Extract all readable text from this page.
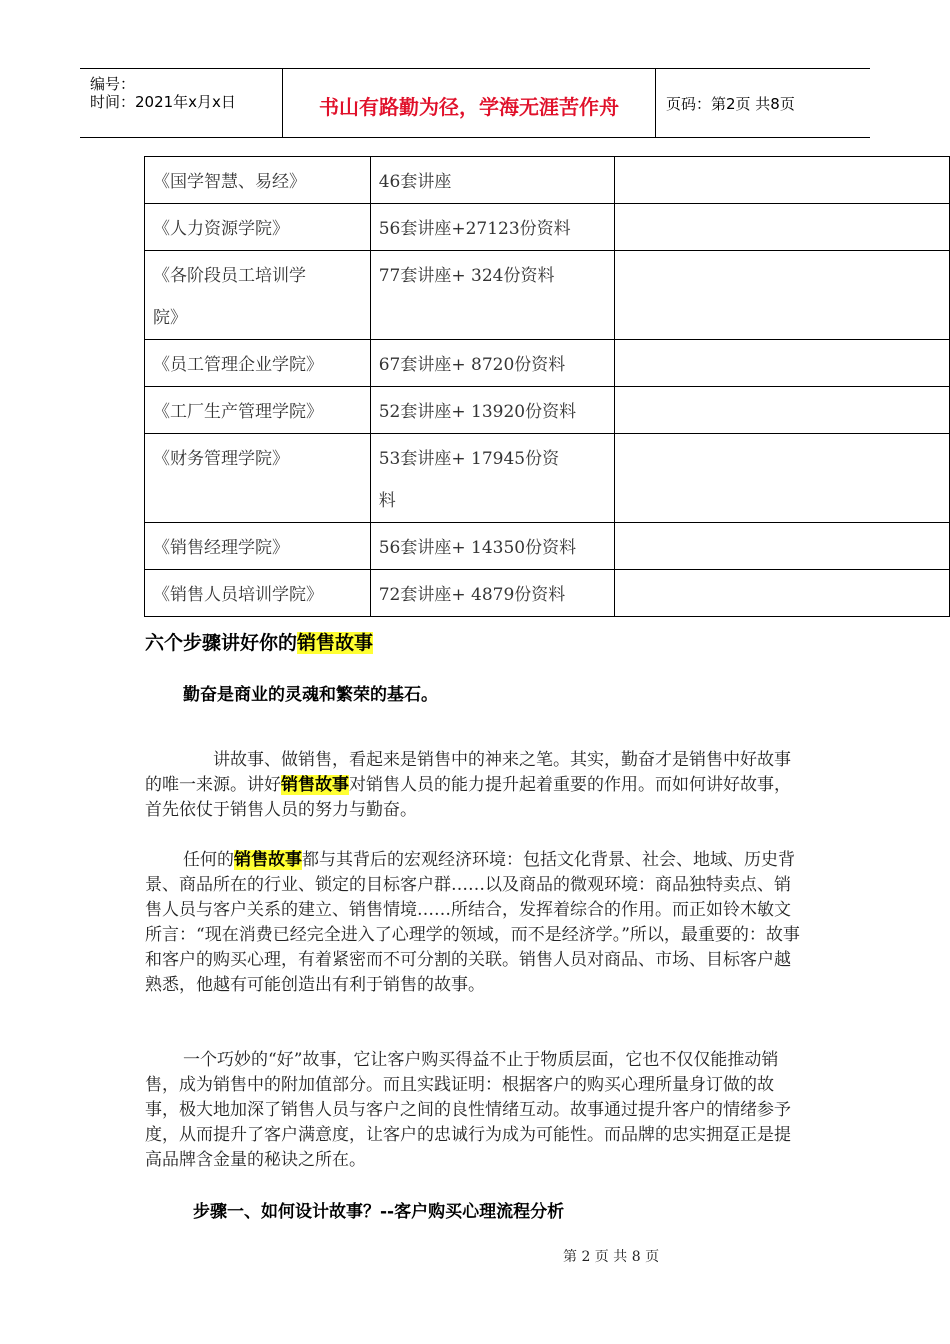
编号：
时间：2021年x月x日	书山有路勤为径，学海无涯苦作舟	页码：第2页 共8页
《国学智慧、易经》	46套讲座	
《人力资源学院》	56套讲座+27123份资料	

《各阶段员工培训学
院》	77套讲座+ 324份资料	
《员工管理企业学院》	67套讲座+ 8720份资料	
《工厂生产管理学院》	52套讲座+ 13920份资料	
《财务管理学院》	53套讲座+ 17945份资
料	

《销售经理学院》	56套讲座+ 14350份资料	
《销售人员培训学院》	72套讲座+ 4879份资料	
六个步骤讲好你的销售故事
勤奋是商业的灵魂和繁荣的基石。
讲故事、做销售，看起来是销售中的神来之笔。其实，勤奋才是销售中好故事的唯一来源。讲好销售故事对销售人员的能力提升起着重要的作用。而如何讲好故事，首先依仗于销售人员的努力与勤奋。
任何的销售故事都与其背后的宏观经济环境：包括文化背景、社会、地域、历史背景、商品所在的行业、锁定的目标客户群……以及商品的微观环境：商品独特卖点、销售人员与客户关系的建立、销售情境……所结合，发挥着综合的作用。而正如铃木敏文所言：“现在消费已经完全进入了心理学的领域，而不是经济学。”所以，最重要的：故事和客户的购买心理，有着紧密而不可分割的关联。销售人员对商品、市场、目标客户越熟悉，他越有可能创造出有利于销售的故事。
一个巧妙的“好”故事，它让客户购买得益不止于物质层面，它也不仅仅能推动销售，成为销售中的附加值部分。而且实践证明：根据客户的购买心理所量身订做的故事，极大地加深了销售人员与客户之间的良性情绪互动。故事通过提升客户的情绪参予度，从而提升了客户满意度，让客户的忠诚行为成为可能性。而品牌的忠实拥趸正是提高品牌含金量的秘诀之所在。
步骤一、如何设计故事？--客户购买心理流程分析
第 2 页 共 8 页
